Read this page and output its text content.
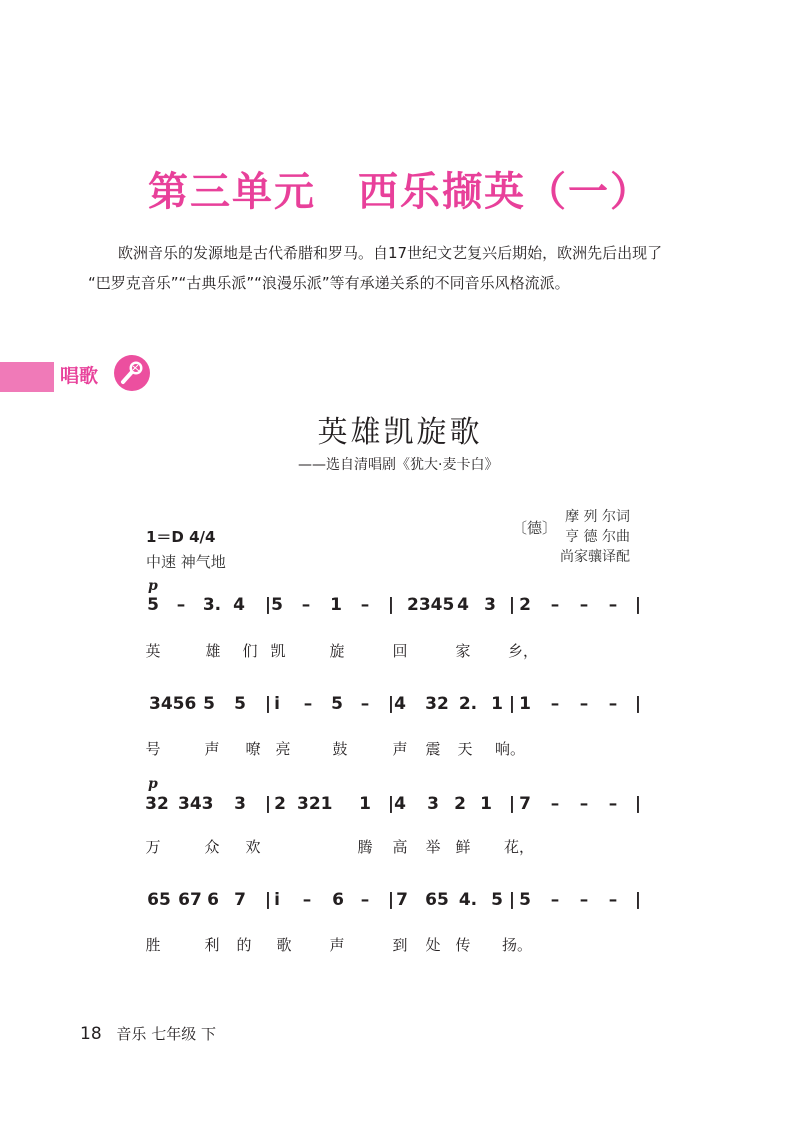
第三单元　西乐撷英（一）

欧洲音乐的发源地是古代希腊和罗马。自17世纪文艺复兴后期始，欧洲先后出现了

“巴罗克音乐”“古典乐派”“浪漫乐派”等有承递关系的不同音乐风格流派。

唱歌
英雄凯旋歌
——选自清唱剧《犹大·麦卡白》
1＝D 4/4
中速 神气地
〔德〕
摩 列 尔词
亨 德 尔曲
尚家骧译配
p
5	–	3. 4	| 5	–	1	–	| 2345 4 3 | 2	–	–	–	|
英	雄	们 凯	旋	回	家	乡，
3456 5	5	| i	–	5	–	| 4	32 2. 1 | 1	–	–	–	|
号	声	嘹 亮	鼓	声	震	天	响。
p
32 343	3	| 2 321	1 | 4	3 2 1 | 7	–	–	–	|
万	众	欢	腾	高	举 鲜	花，
65 67 6 7	| i	–	6 –	| 7	65 4. 5 | 5	–	–	–	|
胜	利	的	歌	声	到	处 传	扬。
18 音乐 七年级 下
